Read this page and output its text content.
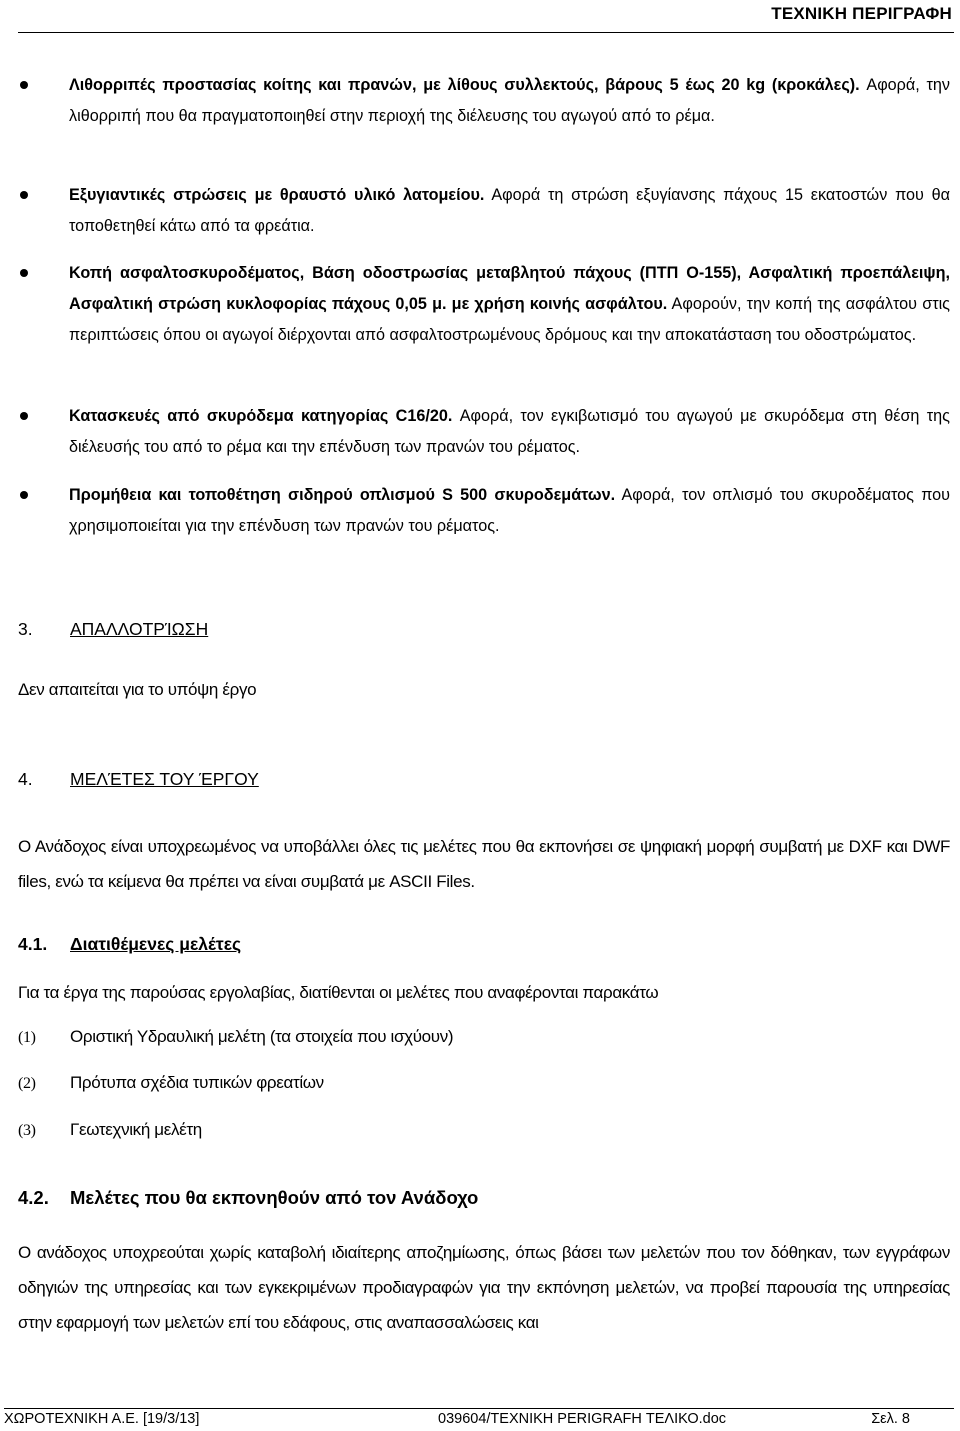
ΤΕΧΝΙΚΗ ΠΕΡΙΓΡΑΦΗ
Λιθορριπές προστασίας κοίτης και πρανών, με λίθους συλλεκτούς, βάρους 5 έως 20 kg (κροκάλες). Αφορά, την λιθορριπή που θα πραγματοποιηθεί στην περιοχή της διέλευσης του αγωγού από το ρέμα.
Εξυγιαντικές στρώσεις με θραυστό υλικό λατομείου. Αφορά τη στρώση εξυγίανσης πάχους 15 εκατοστών που θα τοποθετηθεί κάτω από τα φρεάτια.
Κοπή ασφαλτοσκυροδέματος, Βάση οδοστρωσίας μεταβλητού πάχους (ΠΤΠ Ο-155), Ασφαλτική προεπάλειψη, Ασφαλτική στρώση κυκλοφορίας πάχους 0,05 μ. με χρήση κοινής ασφάλτου. Αφορούν, την κοπή της ασφάλτου στις περιπτώσεις όπου οι αγωγοί διέρχονται από ασφαλτοστρωμένους δρόμους και την αποκατάσταση του οδοστρώματος.
Κατασκευές από σκυρόδεμα κατηγορίας C16/20. Αφορά, τον εγκιβωτισμό του αγωγού με σκυρόδεμα στη θέση της διέλευσής του από το ρέμα και την επένδυση των πρανών του ρέματος.
Προμήθεια και τοποθέτηση σιδηρού οπλισμού S 500 σκυροδεμάτων. Αφορά, τον οπλισμό του σκυροδέματος που χρησιμοποιείται για την επένδυση των πρανών του ρέματος.
3. ΑΠΑΛΛΟΤΡΊΩΣΗ
Δεν απαιτείται για το υπόψη έργο
4. ΜΕΛΈΤΕΣ ΤΟΥ ΈΡΓΟΥ
Ο Ανάδοχος είναι υποχρεωμένος να υποβάλλει όλες τις μελέτες που θα εκπονήσει σε ψηφιακή μορφή συμβατή με DXF και DWF files, ενώ τα κείμενα θα πρέπει να είναι συμβατά με ASCII Files.
4.1. Διατιθέμενες μελέτες
Για τα έργα της παρούσας εργολαβίας, διατίθενται οι μελέτες που αναφέρονται παρακάτω
(1) Οριστική Υδραυλική μελέτη (τα στοιχεία που ισχύουν)
(2) Πρότυπα σχέδια τυπικών φρεατίων
(3) Γεωτεχνική μελέτη
4.2. Μελέτες που θα εκπονηθούν από τον Ανάδοχο
Ο ανάδοχος υποχρεούται χωρίς καταβολή ιδιαίτερης αποζημίωσης, όπως βάσει των μελετών που τον δόθηκαν, των εγγράφων οδηγιών της υπηρεσίας και των εγκεκριμένων προδιαγραφών για την εκπόνηση μελετών, να προβεί παρουσία της υπηρεσίας στην εφαρμογή των μελετών επί του εδάφους, στις αναπασσαλώσεις και
ΧΩΡΟΤΕΧΝΙΚΗ Α.Ε. [19/3/13]	039604/ΤΕΧΝΙΚΗ PERIGRAFH ΤΕΛΙΚΟ.doc	Σελ. 8
